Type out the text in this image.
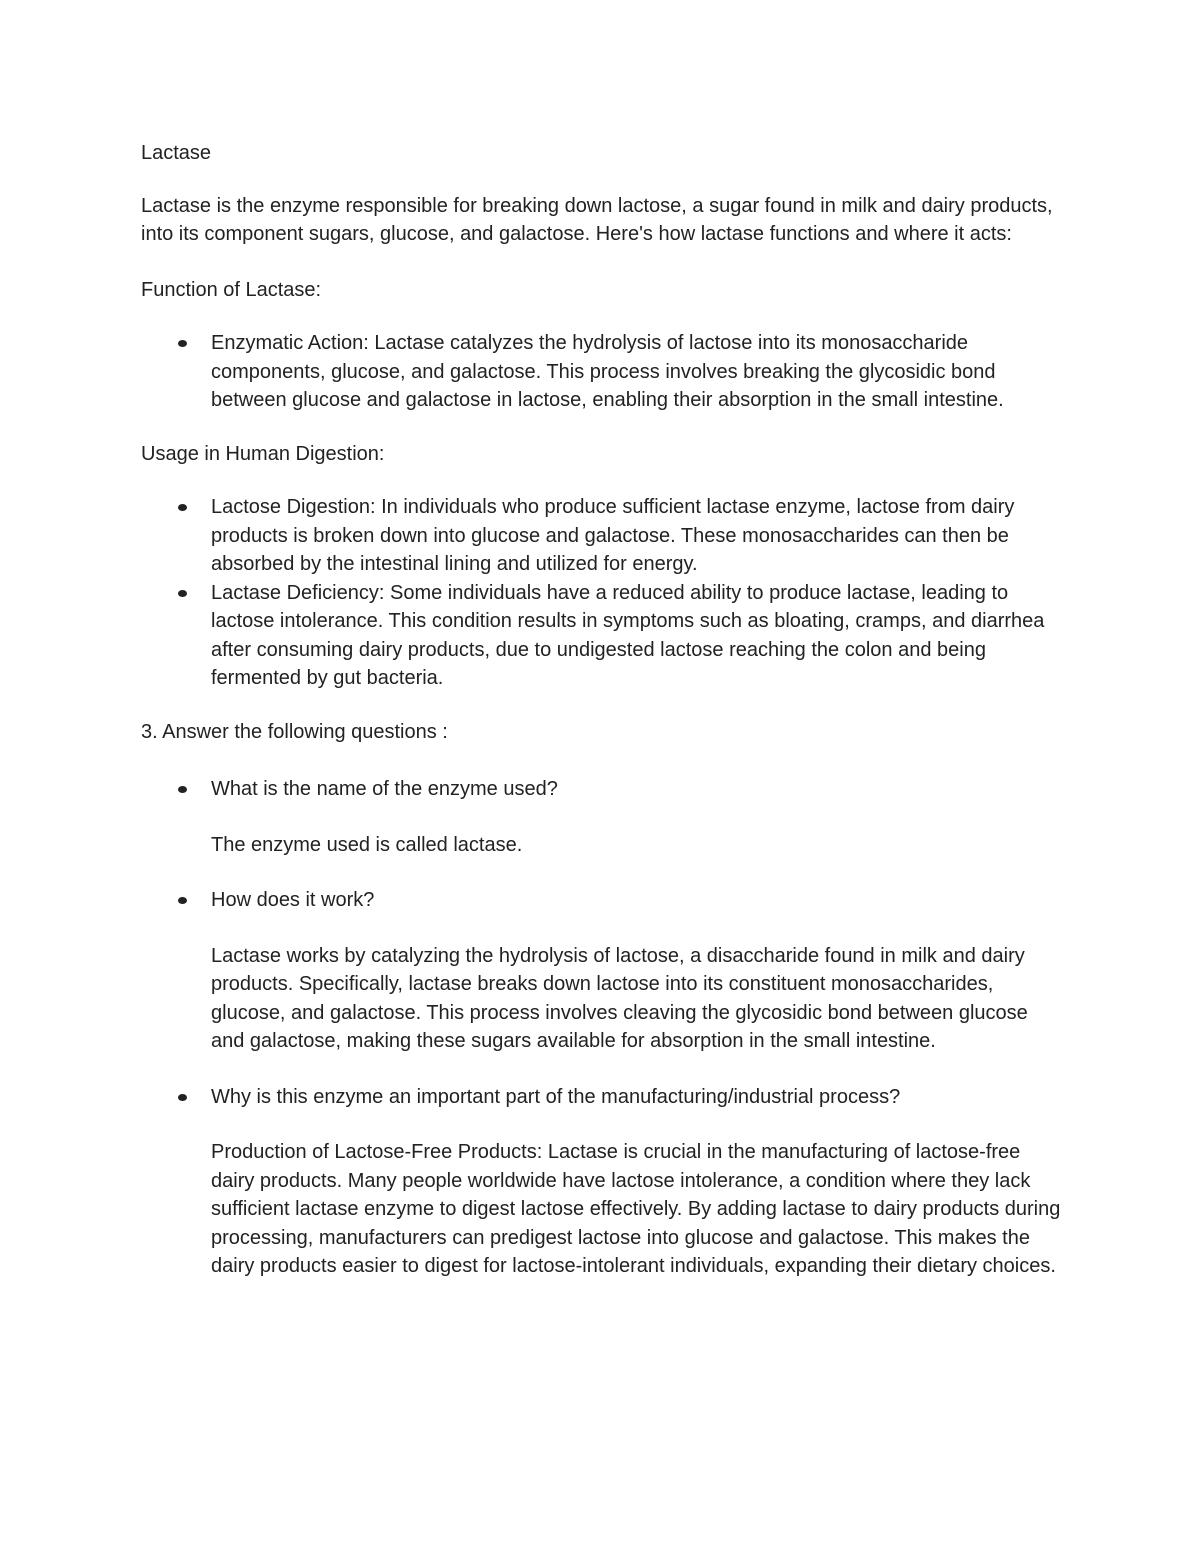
Lactase

Lactase is the enzyme responsible for breaking down lactose, a sugar found in milk and dairy products, into its component sugars, glucose, and galactose. Here's how lactase functions and where it acts:

Function of Lactase:

Enzymatic Action: Lactase catalyzes the hydrolysis of lactose into its monosaccharide components, glucose, and galactose. This process involves breaking the glycosidic bond between glucose and galactose in lactose, enabling their absorption in the small intestine.

Usage in Human Digestion:

Lactose Digestion: In individuals who produce sufficient lactase enzyme, lactose from dairy products is broken down into glucose and galactose. These monosaccharides can then be absorbed by the intestinal lining and utilized for energy.
Lactase Deficiency: Some individuals have a reduced ability to produce lactase, leading to lactose intolerance. This condition results in symptoms such as bloating, cramps, and diarrhea after consuming dairy products, due to undigested lactose reaching the colon and being fermented by gut bacteria.

3. Answer the following questions :

What is the name of the enzyme used?

The enzyme used is called lactase.

How does it work?

Lactase works by catalyzing the hydrolysis of lactose, a disaccharide found in milk and dairy products. Specifically, lactase breaks down lactose into its constituent monosaccharides, glucose, and galactose. This process involves cleaving the glycosidic bond between glucose and galactose, making these sugars available for absorption in the small intestine.

Why is this enzyme an important part of the manufacturing/industrial process?

Production of Lactose-Free Products: Lactase is crucial in the manufacturing of lactose-free dairy products. Many people worldwide have lactose intolerance, a condition where they lack sufficient lactase enzyme to digest lactose effectively. By adding lactase to dairy products during processing, manufacturers can predigest lactose into glucose and galactose. This makes the dairy products easier to digest for lactose-intolerant individuals, expanding their dietary choices.
